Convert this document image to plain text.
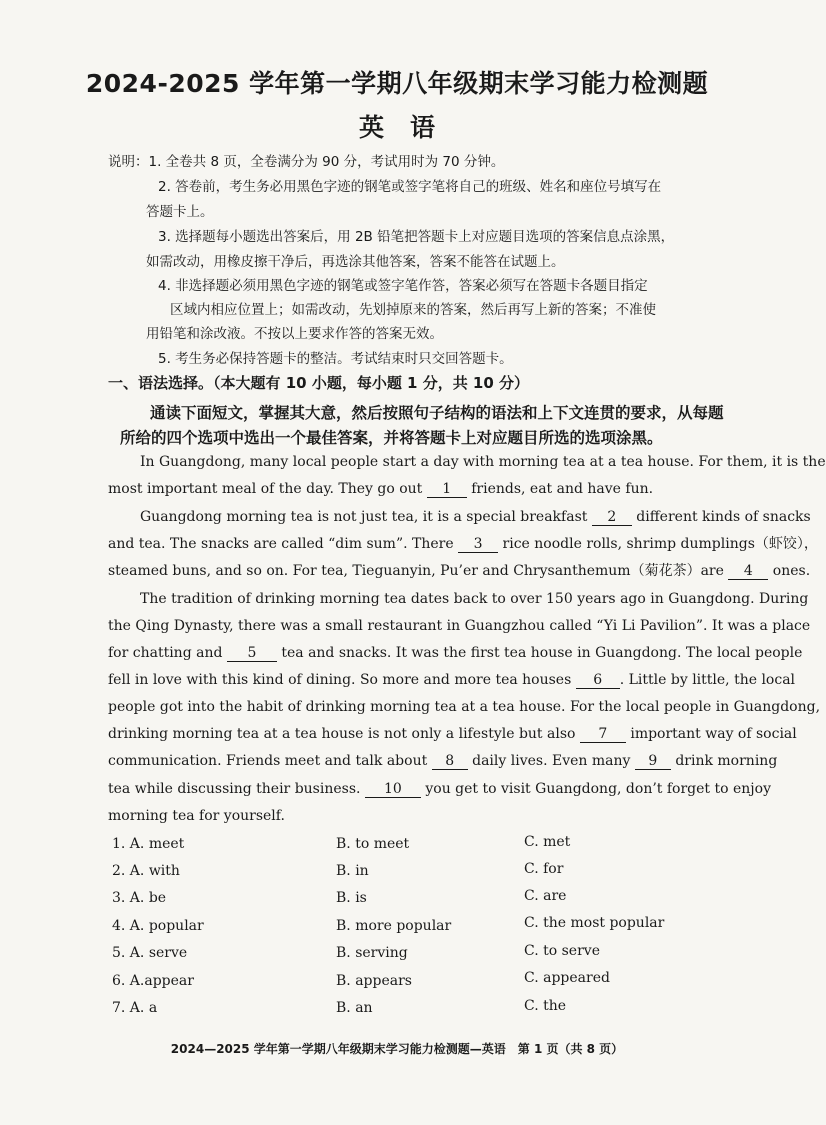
2024-2025 学年第一学期八年级期末学习能力检测题
英语
说明：1. 全卷共 8 页，全卷满分为 90 分，考试用时为 70 分钟。
2. 答卷前，考生务必用黑色字迹的钢笔或签字笔将自己的班级、姓名和座位号填写在
答题卡上。
3. 选择题每小题选出答案后，用 2B 铅笔把答题卡上对应题目选项的答案信息点涂黑，
如需改动，用橡皮擦干净后，再选涂其他答案，答案不能答在试题上。
4. 非选择题必须用黑色字迹的钢笔或签字笔作答，答案必须写在答题卡各题目指定
区域内相应位置上；如需改动，先划掉原来的答案，然后再写上新的答案；不准使
用铅笔和涂改液。不按以上要求作答的答案无效。
5. 考生务必保持答题卡的整洁。考试结束时只交回答题卡。
一、语法选择。（本大题有 10 小题，每小题 1 分，共 10 分）
通读下面短文，掌握其大意，然后按照句子结构的语法和上下文连贯的要求，从每题
所给的四个选项中选出一个最佳答案，并将答题卡上对应题目所选的选项涂黑。
In Guangdong, many local people start a day with morning tea at a tea house. For them, it is the
most important meal of the day. They go out 1 friends, eat and have fun.
Guangdong morning tea is not just tea, it is a special breakfast 2 different kinds of snacks
and tea. The snacks are called “dim sum”. There 3 rice noodle rolls, shrimp dumplings（虾饺），
steamed buns, and so on. For tea, Tieguanyin, Pu’er and Chrysanthemum（菊花茶）are 4 ones.
The tradition of drinking morning tea dates back to over 150 years ago in Guangdong. During
the Qing Dynasty, there was a small restaurant in Guangzhou called “Yi Li Pavilion”. It was a place
for chatting and 5 tea and snacks. It was the first tea house in Guangdong. The local people
fell in love with this kind of dining. So more and more tea houses 6 . Little by little, the local
people got into the habit of drinking morning tea at a tea house. For the local people in Guangdong,
drinking morning tea at a tea house is not only a lifestyle but also 7 important way of social
communication. Friends meet and talk about 8 daily lives. Even many 9 drink morning
tea while discussing their business. 10 you get to visit Guangdong, don’t forget to enjoy
morning tea for yourself.
1. A. meet	B. to meet	C. met
2. A. with	B. in	C. for
3. A. be	B. is	C. are
4. A. popular	B. more popular	C. the most popular
5. A. serve	B. serving	C. to serve
6. A.appear	B. appears	C. appeared
7. A. a	B. an	C. the
2024—2025 学年第一学期八年级期末学习能力检测题—英语　第 1 页（共 8 页）
